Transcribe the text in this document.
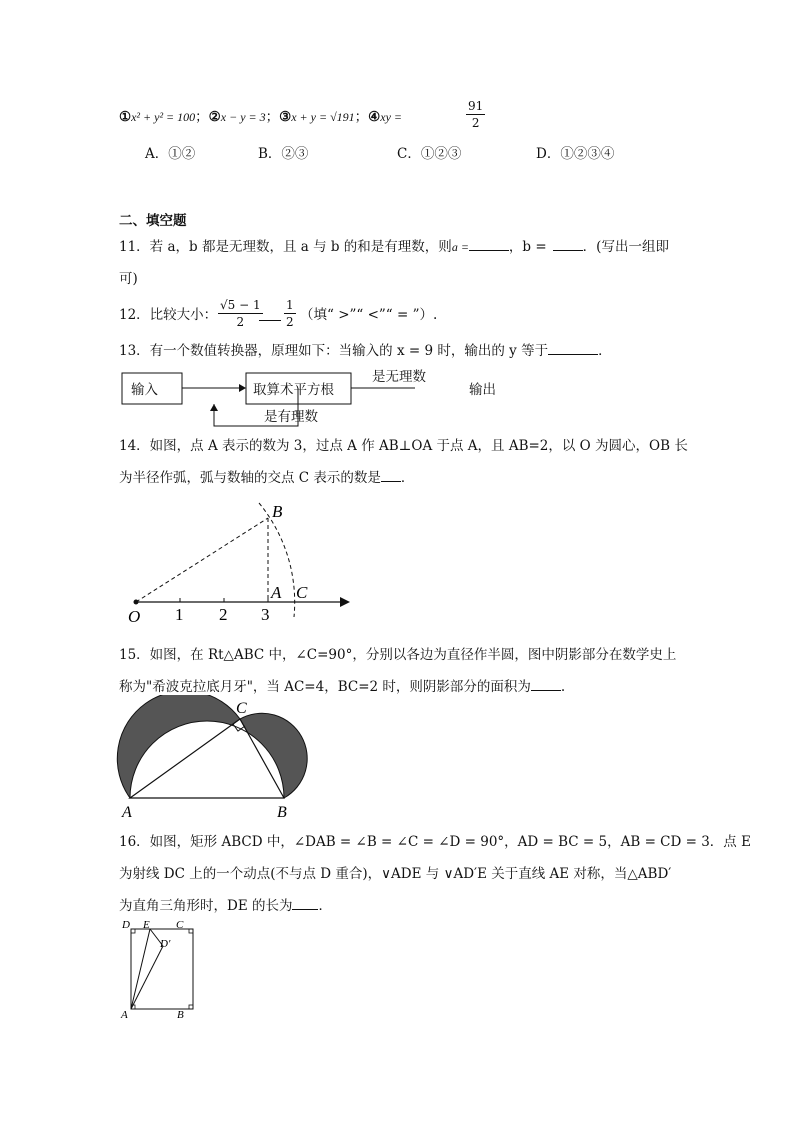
①x² + y² = 100；②x − y = 3；③x + y = √191；④xy =	$\frac{91}{2}$
A．①②	B．②③	C．①②③	D．①②③④
二、填空题
11．若 a，b 都是无理数，且 a 与 b 的和是有理数，则a =	，b =	．(写出一组即
可)
12．比较大小： $\frac{√5 - 1}{2} \frac{1}{2}$ （填“ >”“ <”“ = ”）.
13．有一个数值转换器，原理如下：当输入的 x = 9 时，输出的 y 等于	．
输入	取算术平方根	输出
是无理数
是有理数
14．如图，点 A 表示的数为 3，过点 A 作 AB⊥OA 于点 A，且 AB=2，以 O 为圆心，OB 长
为半径作弧，弧与数轴的交点 C 表示的数是 ．
O 1 2 3
A C
B
15．如图，在 Rt△ABC 中，∠C=90°，分别以各边为直径作半圆，图中阴影部分在数学史上
称为"希波克拉底月牙"，当 AC=4，BC=2 时，则阴影部分的面积为 .
A	B
C
16．如图，矩形 ABCD 中，∠DAB = ∠B = ∠C = ∠D = 90°，AD = BC = 5，AB = CD = 3．点 E
为射线 DC 上的一个动点(不与点 D 重合)，∨ADE 与 ∨AD′E 关于直线 AE 对称，当△ABD′
为直角三角形时，DE 的长为 ．
D E C
D′
A	B
